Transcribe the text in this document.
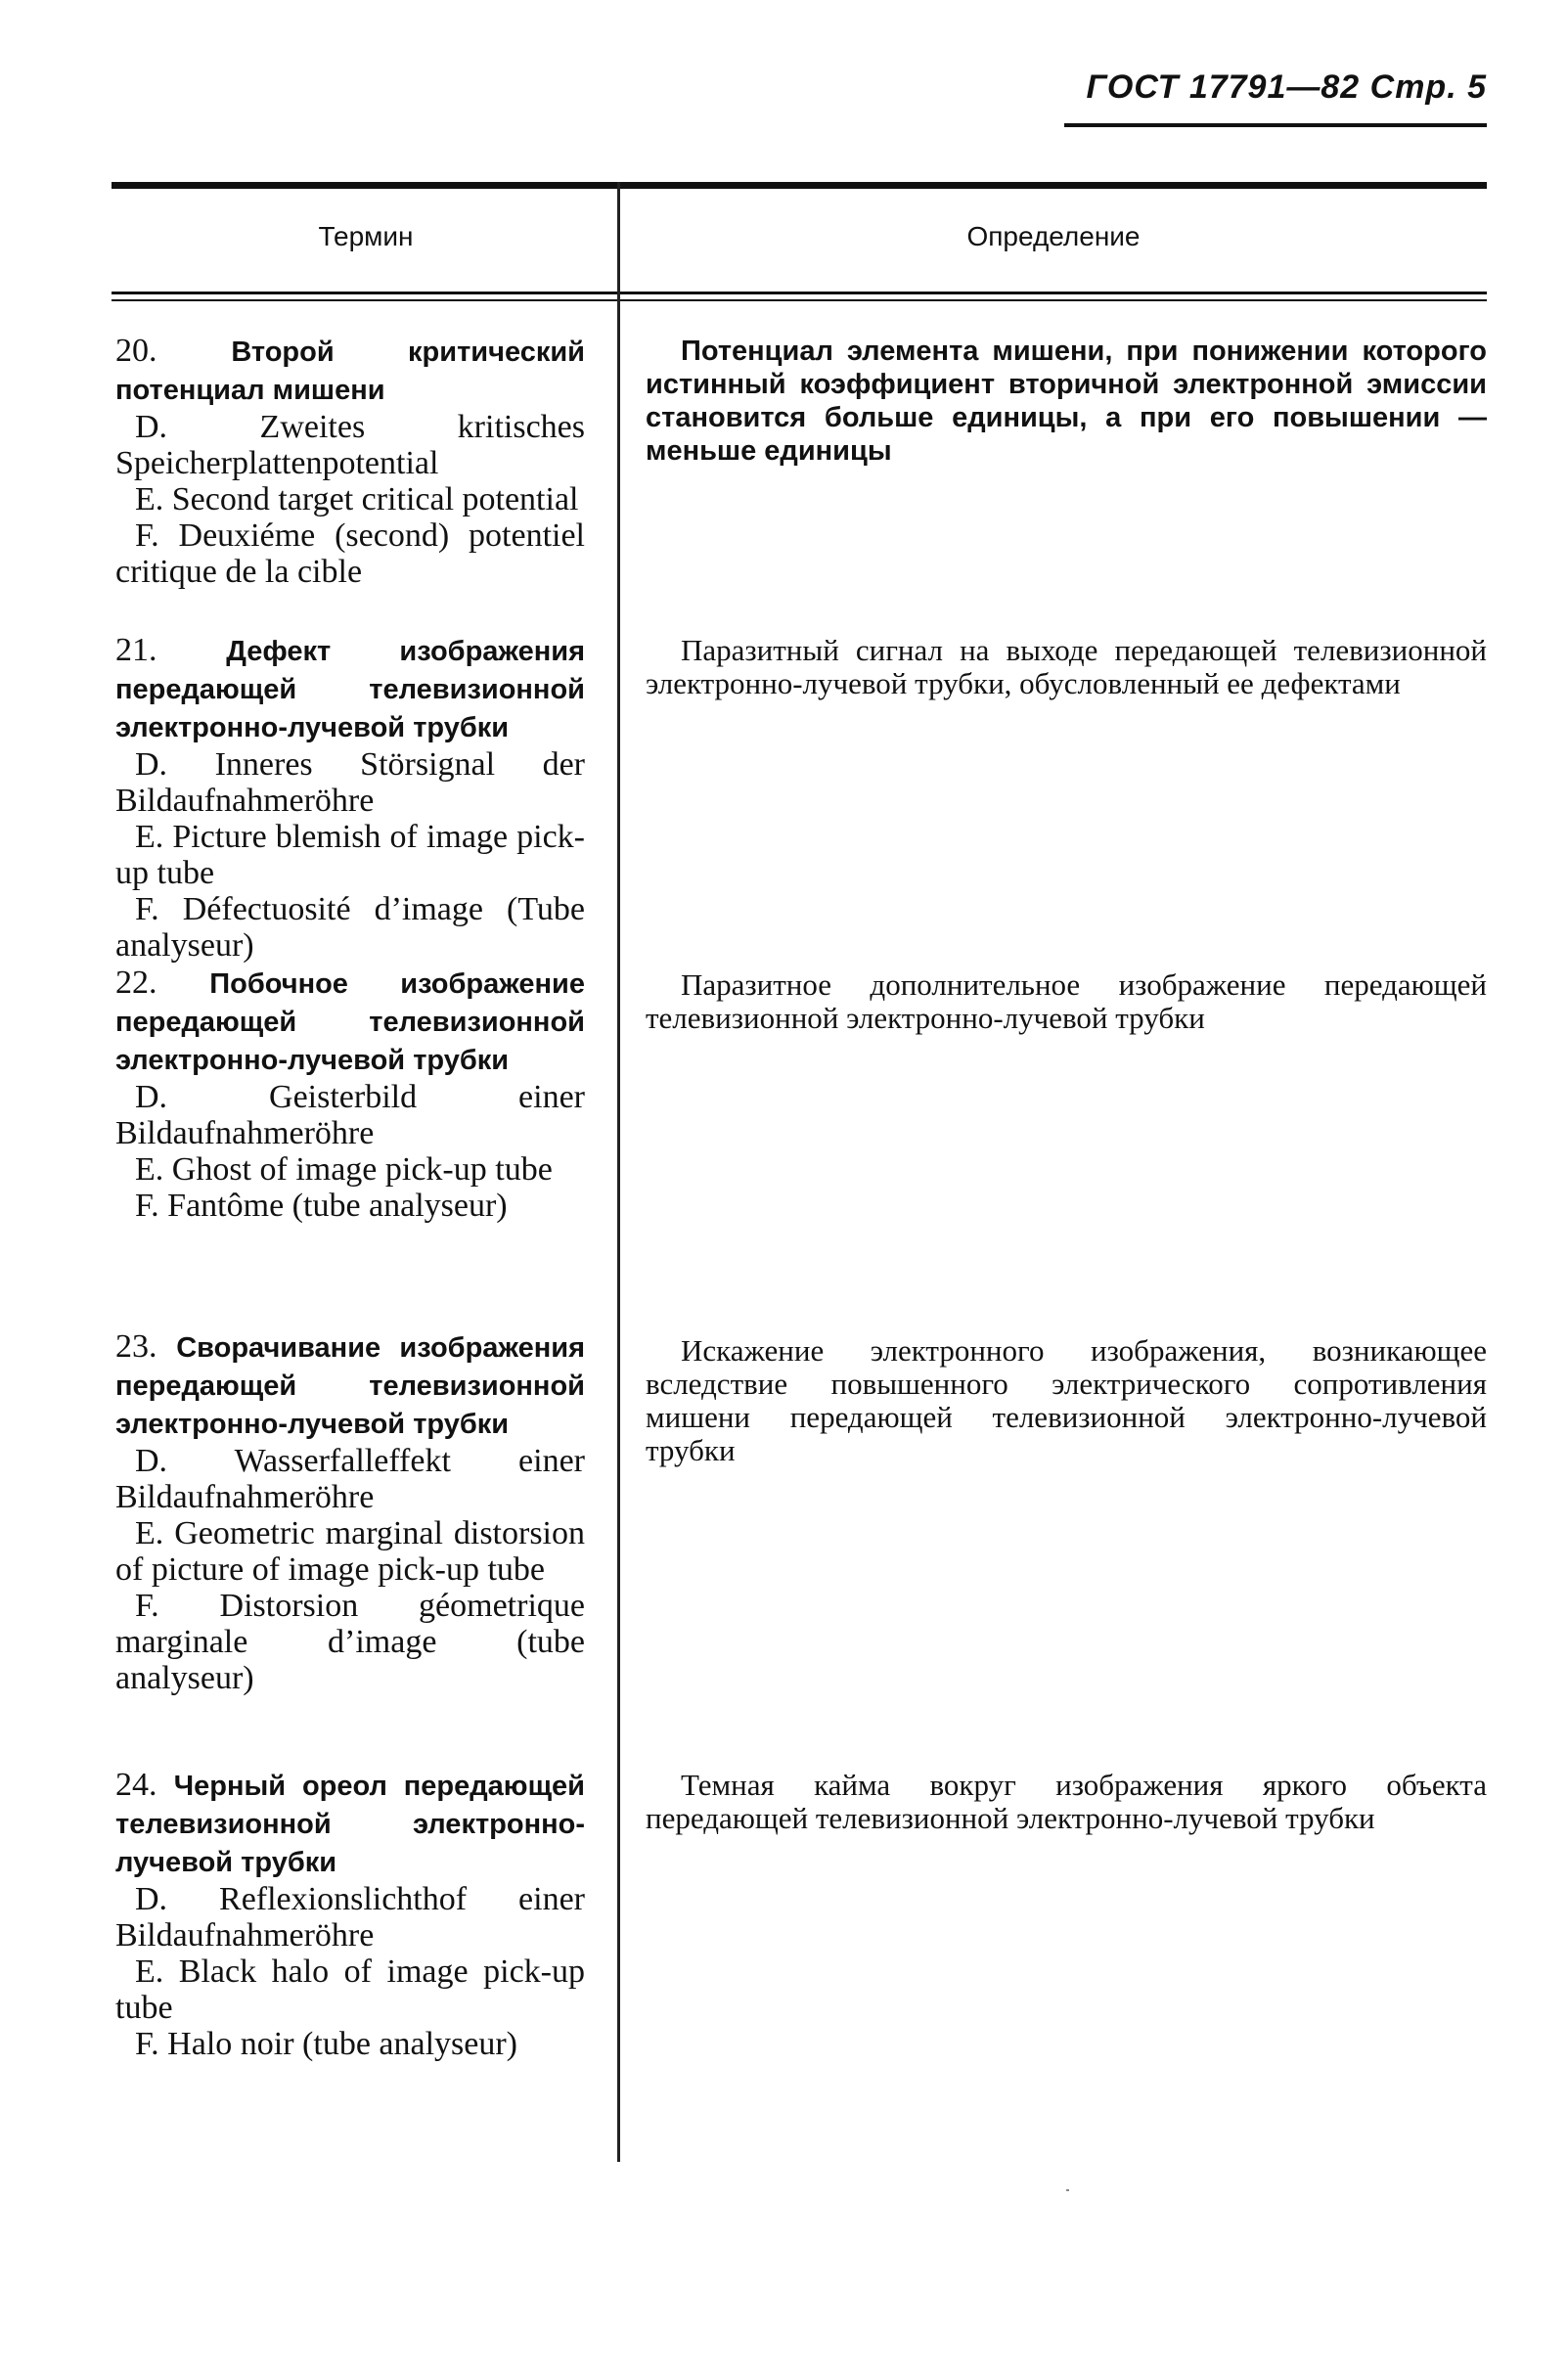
ГОСТ 17791—82 Стр. 5
Термин	Определение
20.	Второй критический потенциал мишени
D. Zweites kritisches Speicherplattenpotential
E. Second target critical potential
F. Deuxiéme (second) potentiel critique de la cible
Потенциал элемента мишени, при понижении которого истинный коэффициент вторичной электронной эмиссии становится больше единицы, а при его повышении — меньше единицы
21. Дефект изображения передающей телевизионной электронно-лучевой трубки
D. Inneres Störsignal der Bildaufnahmeröhre
E. Picture blemish of image pick-up tube
F. Défectuosité d’image (Tube analyseur)
Паразитный сигнал на выходе передающей телевизионной электронно-лучевой трубки, обусловленный ее дефектами
22. Побочное изображение передающей телевизионной электронно-лучевой трубки
D. Geisterbild einer Bildaufnahmeröhre
E. Ghost of image pick-up tube
F. Fantôme (tube analyseur)
Паразитное дополнительное изображение передающей телевизионной электронно-лучевой трубки
23. Сворачивание изображения передающей телевизионной электронно-лучевой трубки
D. Wasserfalleffekt einer Bildaufnahmeröhre
E. Geometric marginal distorsion of picture of image pick-up tube
F. Distorsion géometrique marginale d’image (tube analyseur)
Искажение электронного изображения, возникающее вследствие повышенного электрического сопротивления мишени передающей телевизионной электронно-лучевой трубки
24. Черный ореол передающей телевизионной электронно-лучевой трубки
D. Reflexionslichthof einer Bildaufnahmeröhre
E. Black halo of image pick-up tube
F. Halo noir (tube analyseur)
Темная кайма вокруг изображения яркого объекта передающей телевизионной электронно-лучевой трубки
